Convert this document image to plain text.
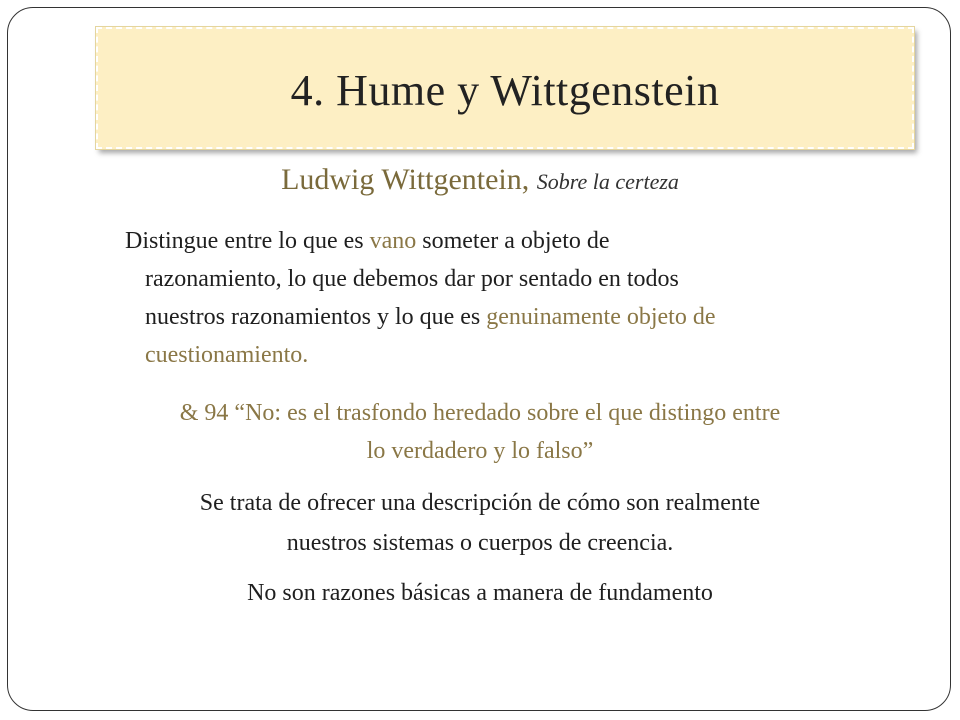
4. Hume y Wittgenstein
Ludwig Wittgentein, Sobre la certeza
Distingue entre lo que es vano someter a objeto de
razonamiento, lo que debemos dar por sentado en todos
nuestros razonamientos y lo que es genuinamente objeto de
cuestionamiento.
& 94 “No: es el trasfondo heredado sobre el que distingo entre
lo verdadero y lo falso”
Se trata de ofrecer una descripción de cómo son realmente
nuestros sistemas o cuerpos de creencia.
No son razones básicas a manera de fundamento
